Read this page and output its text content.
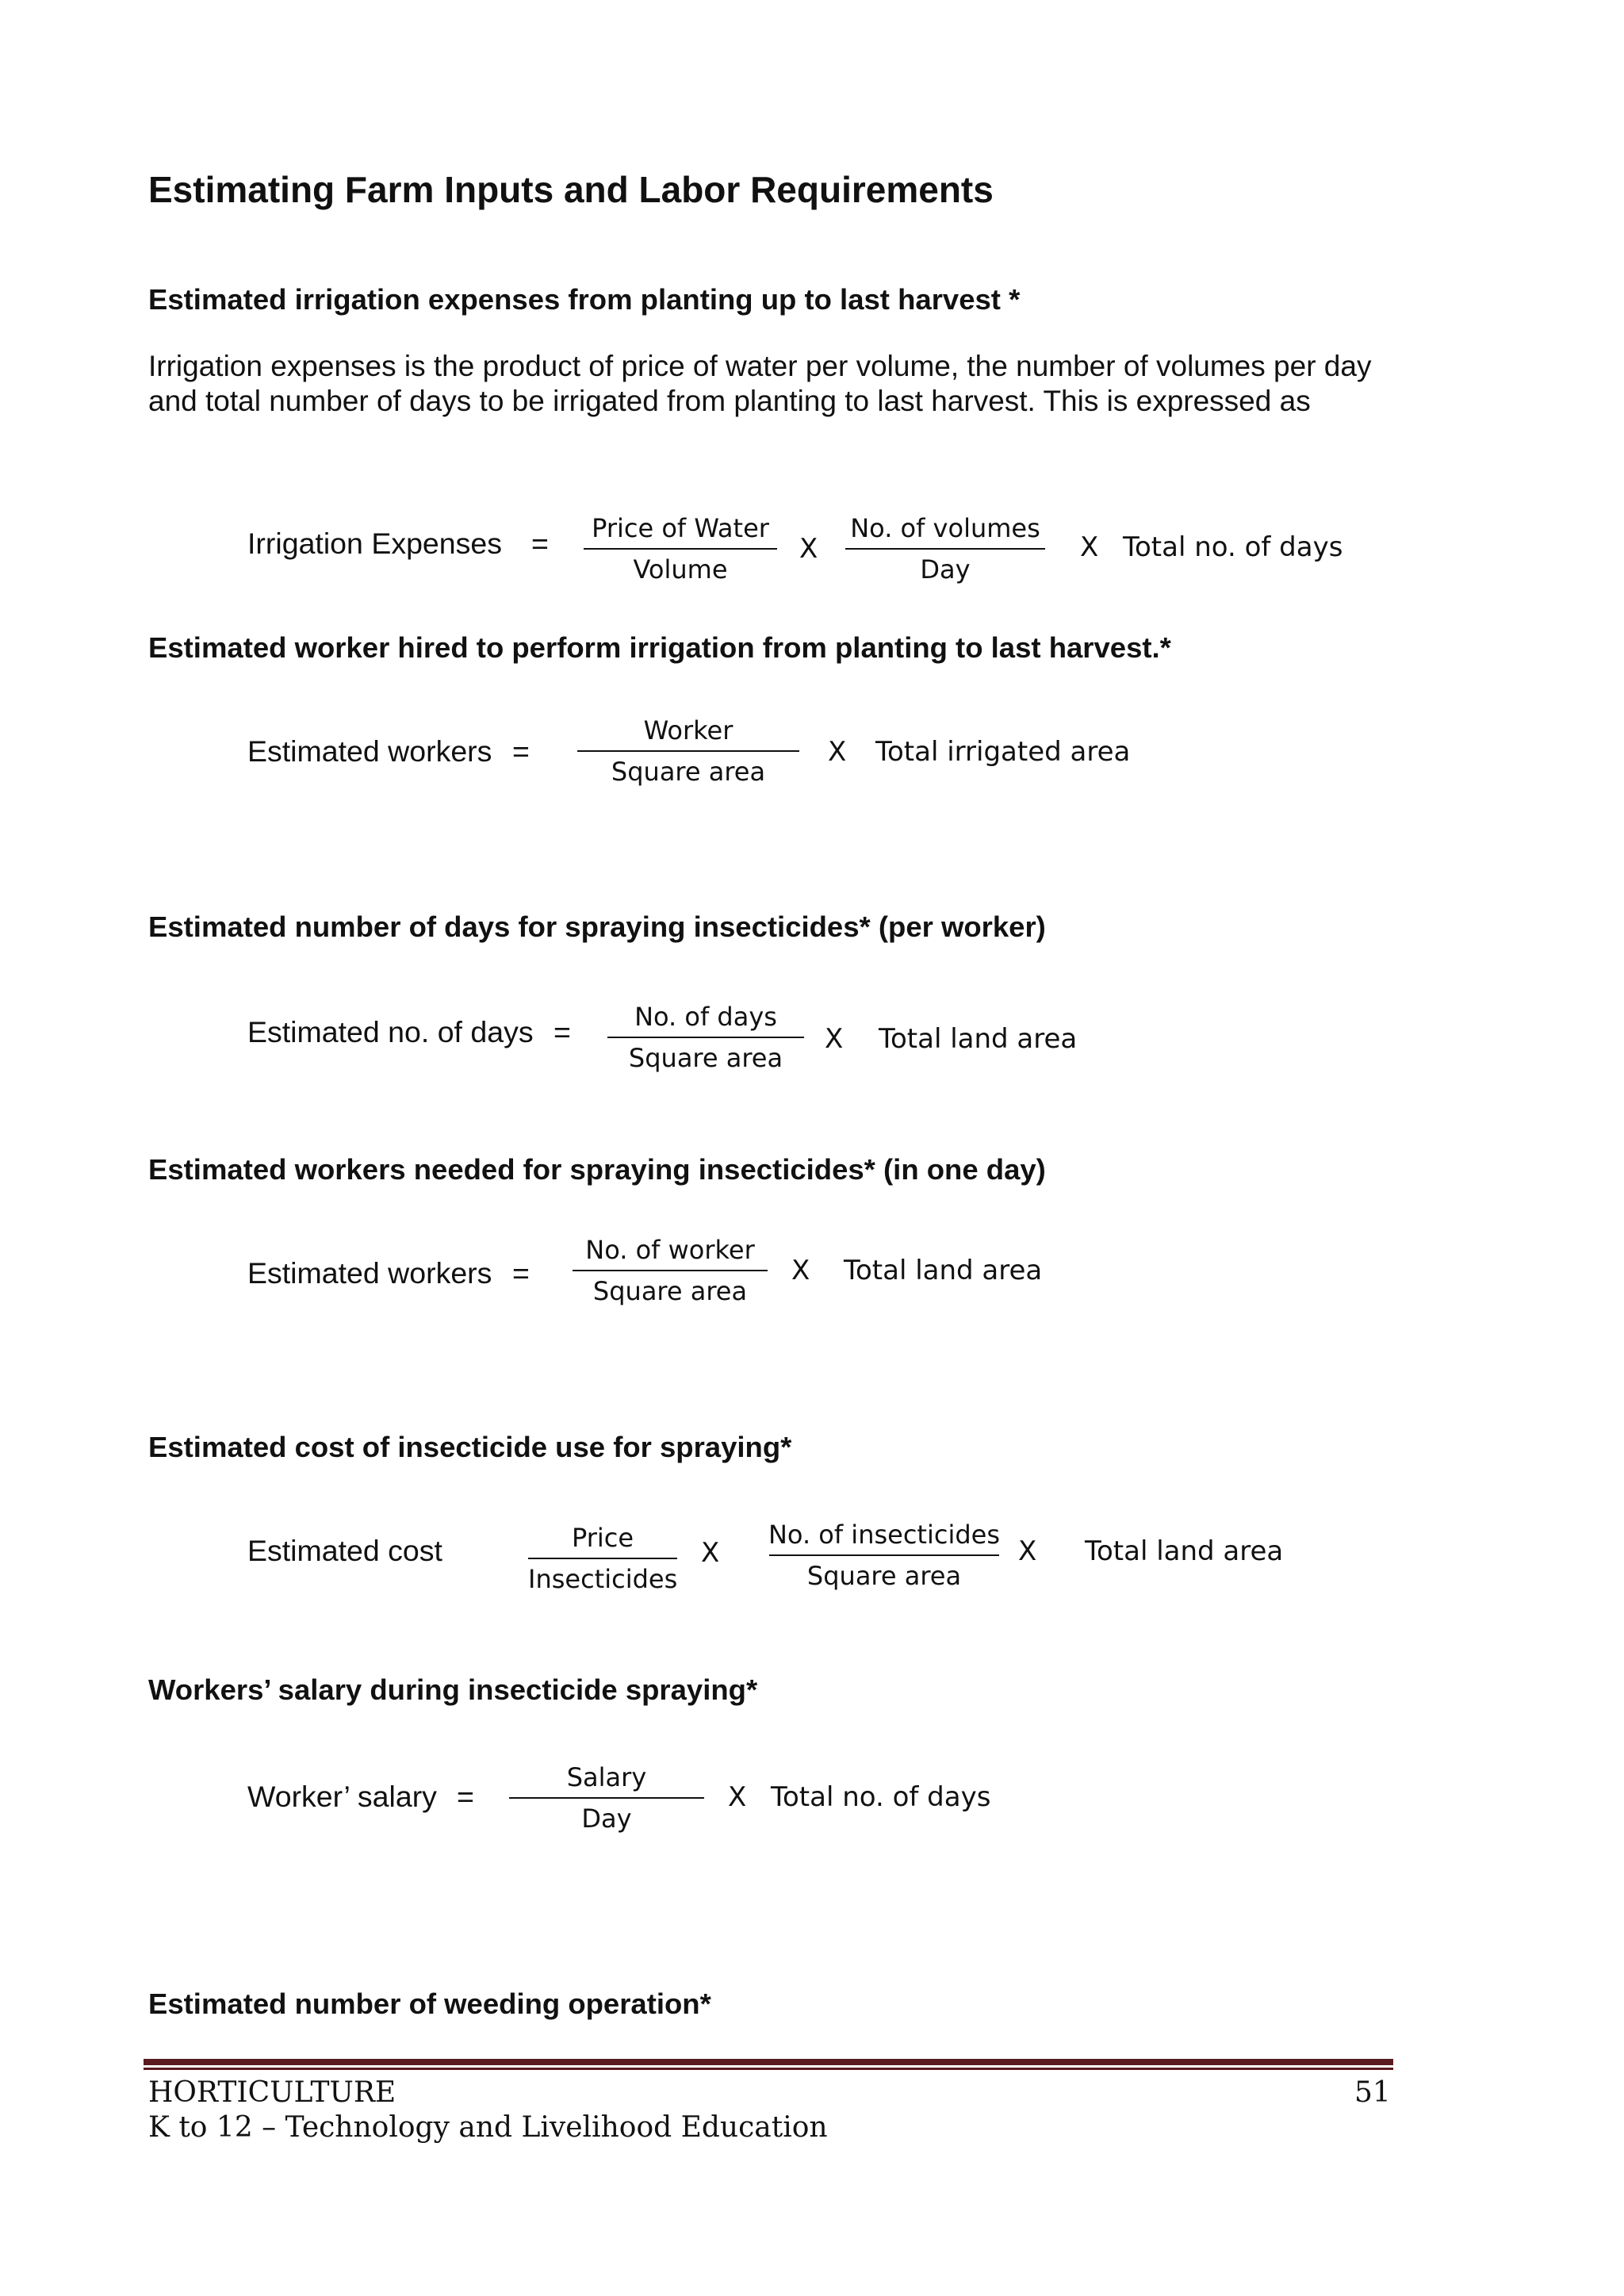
Estimating Farm Inputs and Labor Requirements
Estimated irrigation expenses from planting up to last harvest *
Irrigation expenses is the product of price of water per volume, the number of volumes per day and total number of days to be irrigated from planting to last harvest. This is expressed as
Irrigation Expenses = Price of Water
Volume
X
No. of volumes
Day
X Total no. of days
Estimated worker hired to perform irrigation from planting to last harvest.*
Estimated workers =
Worker
Square area
X Total irrigated area
Estimated number of days for spraying insecticides* (per worker)
Estimated no. of days =	No. of days
Square area
X Total land area
Estimated workers needed for spraying insecticides* (in one day)
Estimated workers =
No. of worker
Square area
X Total land area
Estimated cost of insecticide use for spraying*
Estimated cost	Price
Insecticides
X
No. of insecticides
Square area
X Total land area
Workers’ salary during insecticide spraying*
Worker’ salary =
Salary
Day
X Total no. of days
Estimated number of weeding operation*
HORTICULTURE
K to 12 – Technology and Livelihood Education
51
